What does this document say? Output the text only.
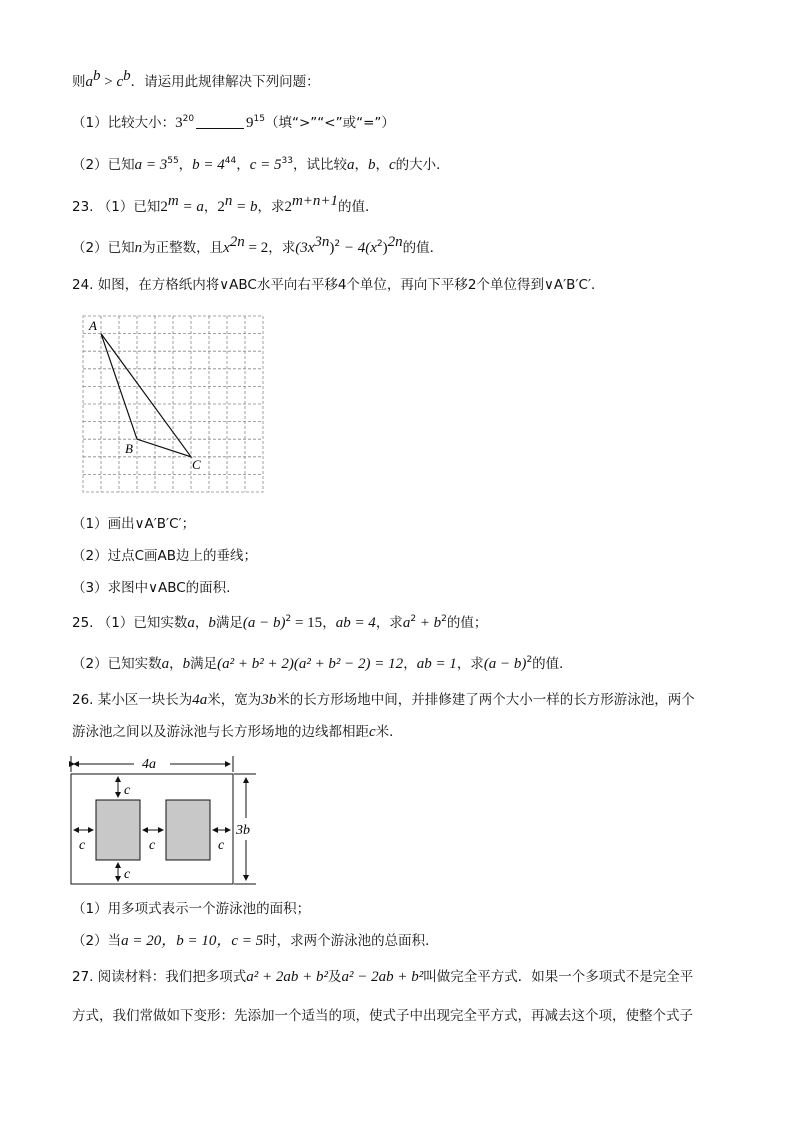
则$a^b > c^b$．请运用此规律解决下列问题：
（1）比较大小：$3^{20}$	$9^{15}$（填“>”“<”或“=”）
（2）已知$a = 3^{55}$，$b = 4^{44}$，$c = 5^{33}$，试比较a，b，c的大小．
23. （1）已知$2^m = a$，$2^n = b$，求$2^{m+n+1}$的值．
（2）已知n为正整数，且$x^{2n} = 2$，求$(3x^{3n})^2 - 4(x^2)^{2n}$的值．
24. 如图，在方格纸内将∨ABC水平向右平移4个单位，再向下平移2个单位得到∨A′B′C′．
A
B
C
（1）画出∨A′B′C′；
（2）过点C画AB边上的垂线；
（3）求图中∨ABC的面积.
25. （1）已知实数a，b满足$(a - b)^2 = 15$，ab = 4，求$a^2 + b^2$的值；
（2）已知实数a，b满足(a² + b² + 2)(a² + b² − 2) = 12，ab = 1，求$(a - b)^2$的值．
26. 某小区一块长为4a米，宽为3b米的长方形场地中间，并排修建了两个大小一样的长方形游泳池，两个
游泳池之间以及游泳池与长方形场地的边线都相距c米．
4a
3b
c
c
c	c	c
（1）用多项式表示一个游泳池的面积；
（2）当a = 20，b = 10，c = 5时，求两个游泳池的总面积．
27. 阅读材料：我们把多项式a² + 2ab + b²及a² − 2ab + b²叫做完全平方式．如果一个多项式不是完全平
方式，我们常做如下变形：先添加一个适当的项，使式子中出现完全平方式，再减去这个项，使整个式子
